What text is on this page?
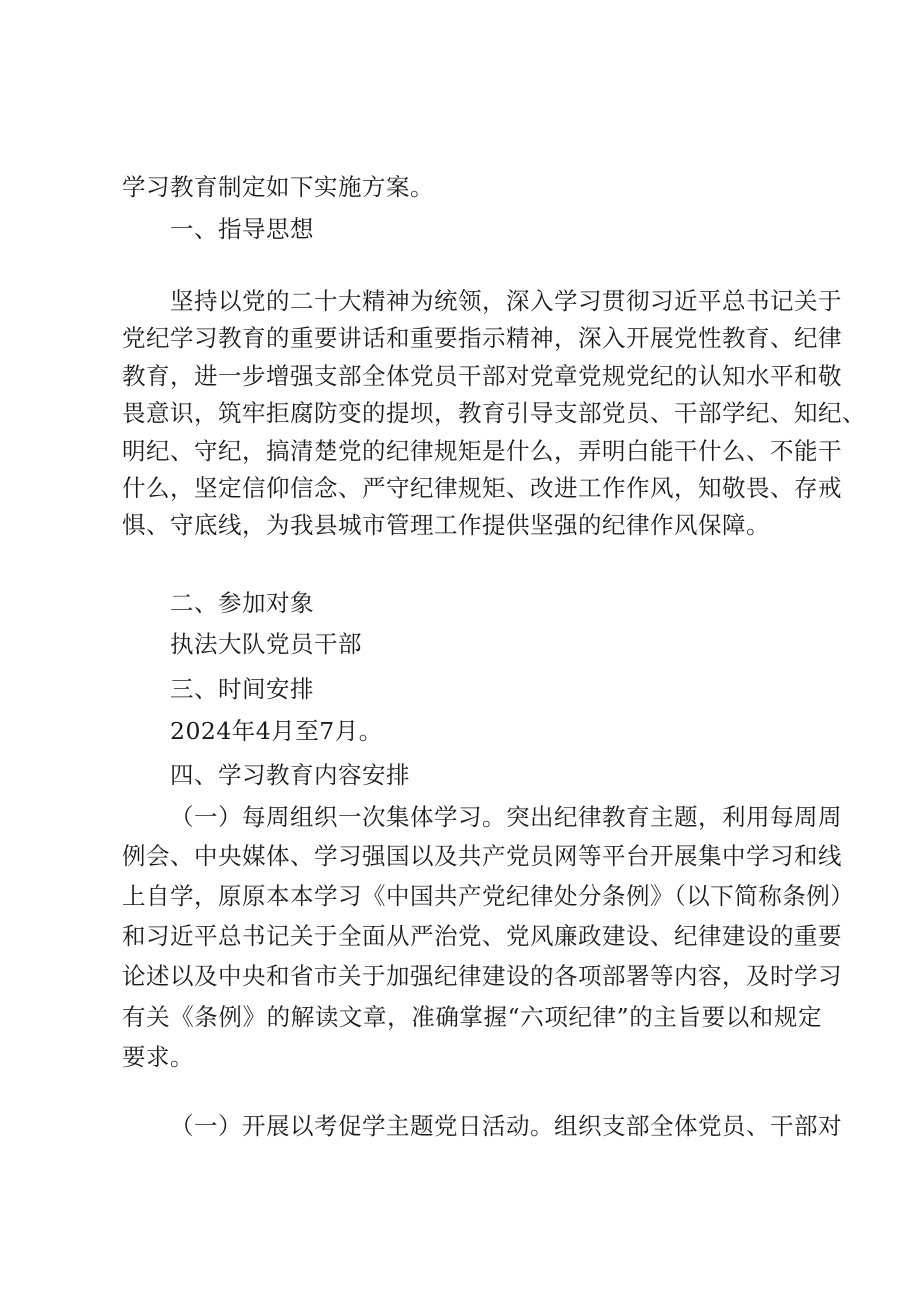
学习教育制定如下实施方案。
一、指导思想
坚持以党的二十大精神为统领，深入学习贯彻习近平总书记关于
党纪学习教育的重要讲话和重要指示精神，深入开展党性教育、纪律
教育，进一步增强支部全体党员干部对党章党规党纪的认知水平和敬
畏意识，筑牢拒腐防变的提坝，教育引导支部党员、干部学纪、知纪、
明纪、守纪，搞清楚党的纪律规矩是什么，弄明白能干什么、不能干
什么，坚定信仰信念、严守纪律规矩、改进工作作风，知敬畏、存戒
惧、守底线，为我县城市管理工作提供坚强的纪律作风保障。
二、参加对象
执法大队党员干部
三、时间安排
2024年4月至7月。
四、学习教育内容安排
（一）每周组织一次集体学习。突出纪律教育主题，利用每周周
例会、中央媒体、学习强国以及共产党员网等平台开展集中学习和线
上自学，原原本本学习《中国共产党纪律处分条例》（以下简称条例）
和习近平总书记关于全面从严治党、党风廉政建设、纪律建设的重要
论述以及中央和省市关于加强纪律建设的各项部署等内容，及时学习
有关《条例》的解读文章，准确掌握“六项纪律”的主旨要以和规定
要求。
（一）开展以考促学主题党日活动。组织支部全体党员、干部对
